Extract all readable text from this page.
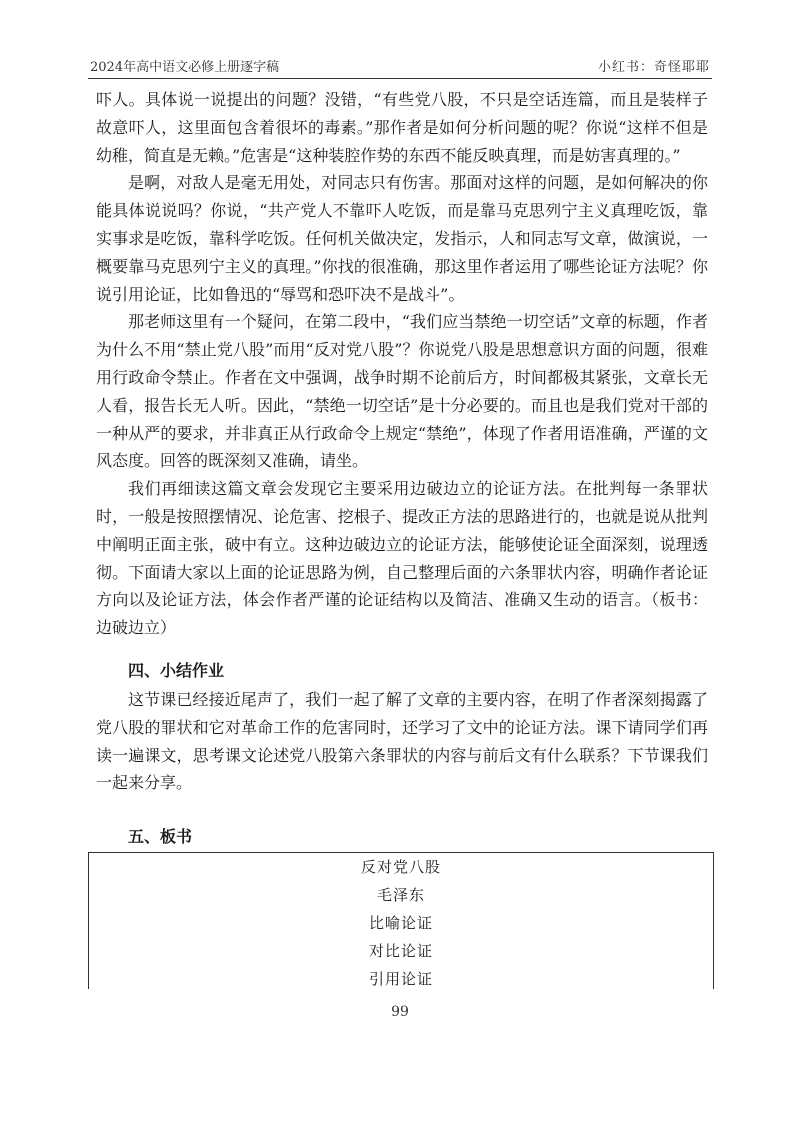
2024年高中语文必修上册逐字稿	小红书：奇怪耶耶

吓人。具体说一说提出的问题？没错，“有些党八股，不只是空话连篇，而且是装样子故意吓人，这里面包含着很坏的毒素。”那作者是如何分析问题的呢？你说“这样不但是幼稚，简直是无赖。”危害是“这种装腔作势的东西不能反映真理，而是妨害真理的。”

是啊，对敌人是毫无用处，对同志只有伤害。那面对这样的问题，是如何解决的你能具体说说吗？你说，“共产党人不靠吓人吃饭，而是靠马克思列宁主义真理吃饭，靠实事求是吃饭，靠科学吃饭。任何机关做决定，发指示，人和同志写文章，做演说，一概要靠马克思列宁主义的真理。”你找的很准确，那这里作者运用了哪些论证方法呢？你说引用论证，比如鲁迅的“辱骂和恐吓决不是战斗”。

那老师这里有一个疑问，在第二段中，“我们应当禁绝一切空话”文章的标题，作者为什么不用“禁止党八股”而用“反对党八股”？你说党八股是思想意识方面的问题，很难用行政命令禁止。作者在文中强调，战争时期不论前后方，时间都极其紧张，文章长无人看，报告长无人听。因此，“禁绝一切空话”是十分必要的。而且也是我们党对干部的一种从严的要求，并非真正从行政命令上规定“禁绝”，体现了作者用语准确，严谨的文风态度。回答的既深刻又准确，请坐。

我们再细读这篇文章会发现它主要采用边破边立的论证方法。在批判每一条罪状时，一般是按照摆情况、论危害、挖根子、提改正方法的思路进行的，也就是说从批判中阐明正面主张，破中有立。这种边破边立的论证方法，能够使论证全面深刻，说理透彻。下面请大家以上面的论证思路为例，自己整理后面的六条罪状内容，明确作者论证方向以及论证方法，体会作者严谨的论证结构以及简洁、准确又生动的语言。（板书：边破边立）

四、小结作业

这节课已经接近尾声了，我们一起了解了文章的主要内容，在明了作者深刻揭露了党八股的罪状和它对革命工作的危害同时，还学习了文中的论证方法。课下请同学们再读一遍课文，思考课文论述党八股第六条罪状的内容与前后文有什么联系？下节课我们一起来分享。

五、板书
反对党八股
毛泽东
比喻论证
对比论证
引用论证
99
